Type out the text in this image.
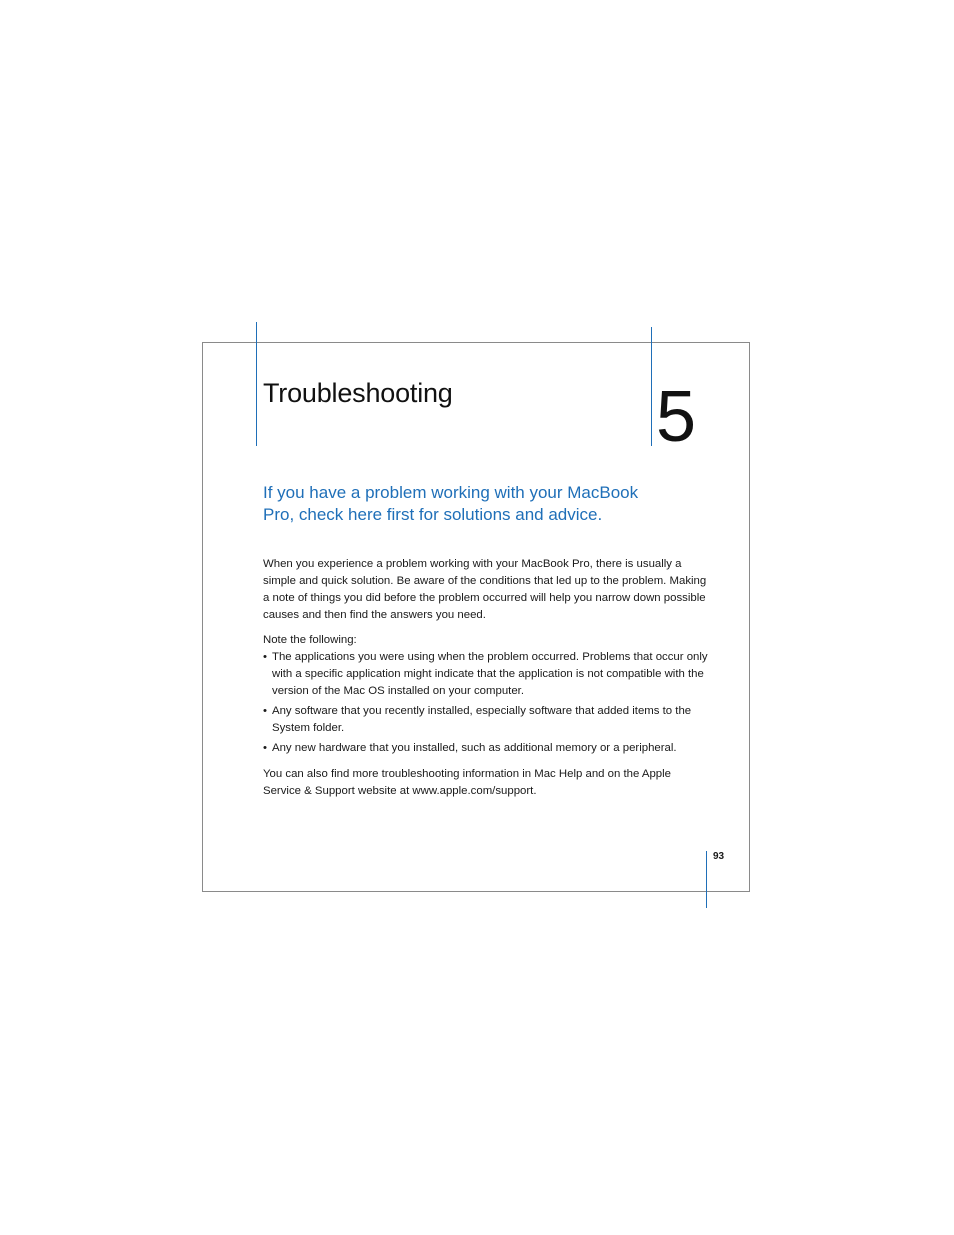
Troubleshooting	5
If you have a problem working with your MacBook Pro, check here first for solutions and advice.

When you experience a problem working with your MacBook Pro, there is usually a simple and quick solution. Be aware of the conditions that led up to the problem. Making a note of things you did before the problem occurred will help you narrow down possible causes and then find the answers you need.

Note the following:

• The applications you were using when the problem occurred. Problems that occur only with a specific application might indicate that the application is not compatible with the version of the Mac OS installed on your computer.
• Any software that you recently installed, especially software that added items to the System folder.
• Any new hardware that you installed, such as additional memory or a peripheral.

You can also find more troubleshooting information in Mac Help and on the Apple Service & Support website at www.apple.com/support.

93
